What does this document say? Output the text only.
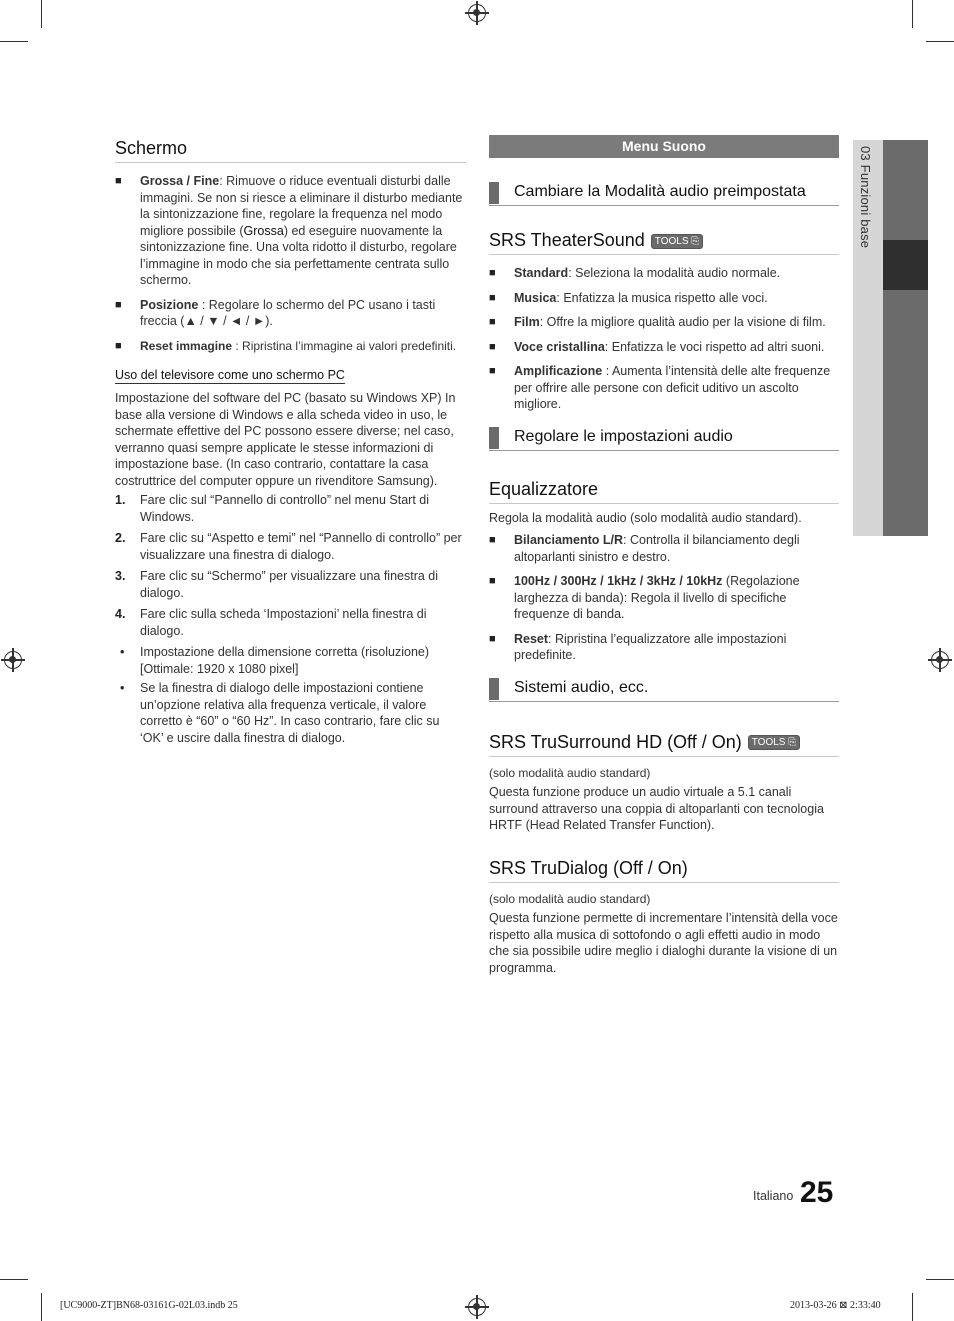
03 Funzioni base
Schermo
■ Grossa / Fine: Rimuove o riduce eventuali disturbi dalle immagini. Se non si riesce a eliminare il disturbo mediante la sintonizzazione fine, regolare la frequenza nel modo migliore possibile (Grossa) ed eseguire nuovamente la sintonizzazione fine. Una volta ridotto il disturbo, regolare l’immagine in modo che sia perfettamente centrata sullo schermo.
■ Posizione : Regolare lo schermo del PC usano i tasti freccia (▲ / ▼ / ◄ / ►).
■ Reset immagine : Ripristina l’immagine ai valori predefiniti.
Uso del televisore come uno schermo PC

Impostazione del software del PC (basato su Windows XP) In base alla versione di Windows e alla scheda video in uso, le schermate effettive del PC possono essere diverse; nel caso, verranno quasi sempre applicate le stesse informazioni di impostazione base. (In caso contrario, contattare la casa costruttrice del computer oppure un rivenditore Samsung).

1. Fare clic sul “Pannello di controllo” nel menu Start di Windows.
2. Fare clic su “Aspetto e temi” nel “Pannello di controllo” per visualizzare una finestra di dialogo.
3. Fare clic su “Schermo” per visualizzare una finestra di dialogo.
4. Fare clic sulla scheda ‘Impostazioni’ nella finestra di dialogo.
• Impostazione della dimensione corretta (risoluzione) [Ottimale: 1920 x 1080 pixel]
• Se la finestra di dialogo delle impostazioni contiene un’opzione relativa alla frequenza verticale, il valore corretto è “60” o “60 Hz”. In caso contrario, fare clic su ‘OK’ e uscire dalla finestra di dialogo.
Menu Suono
Cambiare la Modalità audio preimpostata
SRS TheaterSound TOOLS ⎘
■ Standard: Seleziona la modalità audio normale.
■ Musica: Enfatizza la musica rispetto alle voci.
■ Film: Offre la migliore qualità audio per la visione di film.
■ Voce cristallina: Enfatizza le voci rispetto ad altri suoni.
■ Amplificazione : Aumenta l’intensità delle alte frequenze per offrire alle persone con deficit uditivo un ascolto migliore.
Regolare le impostazioni audio
Equalizzatore

Regola la modalità audio (solo modalità audio standard).

■ Bilanciamento L/R: Controlla il bilanciamento degli altoparlanti sinistro e destro.
■ 100Hz / 300Hz / 1kHz / 3kHz / 10kHz (Regolazione larghezza di banda): Regola il livello di specifiche frequenze di banda.
■ Reset: Ripristina l’equalizzatore alle impostazioni predefinite.
Sistemi audio, ecc.
SRS TruSurround HD (Off / On) TOOLS ⎘

(solo modalità audio standard)

Questa funzione produce un audio virtuale a 5.1 canali surround attraverso una coppia di altoparlanti con tecnologia HRTF (Head Related Transfer Function).

SRS TruDialog (Off / On)

(solo modalità audio standard)

Questa funzione permette di incrementare l’intensità della voce rispetto alla musica di sottofondo o agli effetti audio in modo che sia possibile udire meglio i dialoghi durante la visione di un programma.

Italiano 25
[UC9000-ZT]BN68-03161G-02L03.indb 25	2013-03-26 ⊠ 2:33:40
